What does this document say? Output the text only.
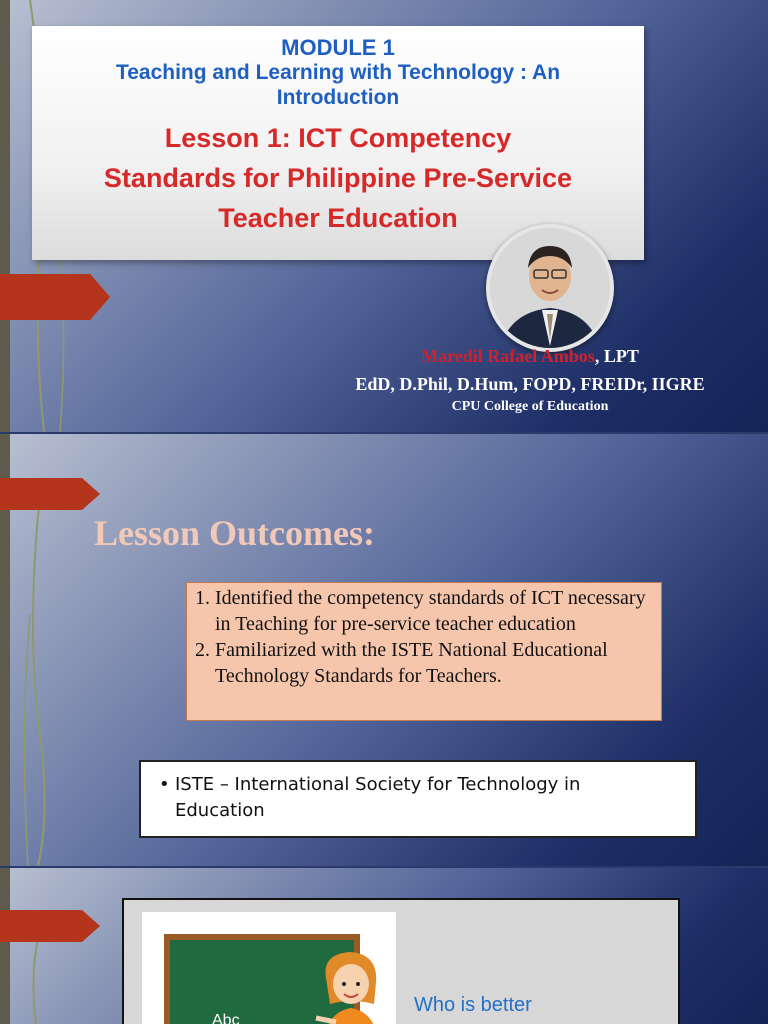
MODULE 1
Teaching and Learning with Technology : An Introduction
Lesson 1: ICT Competency
Standards for Philippine Pre-Service
Teacher Education
Maredil Rafael Ambos, LPT
EdD, D.Phil, D.Hum, FOPD, FREIDr, IIGRE
CPU College of Education
Lesson Outcomes:
1. Identified the competency standards of ICT necessary in Teaching for pre-service teacher education
2. Familiarized with the ISTE National Educational Technology Standards for Teachers.
• ISTE – International Society for Technology in Education
Abc
Who is better
